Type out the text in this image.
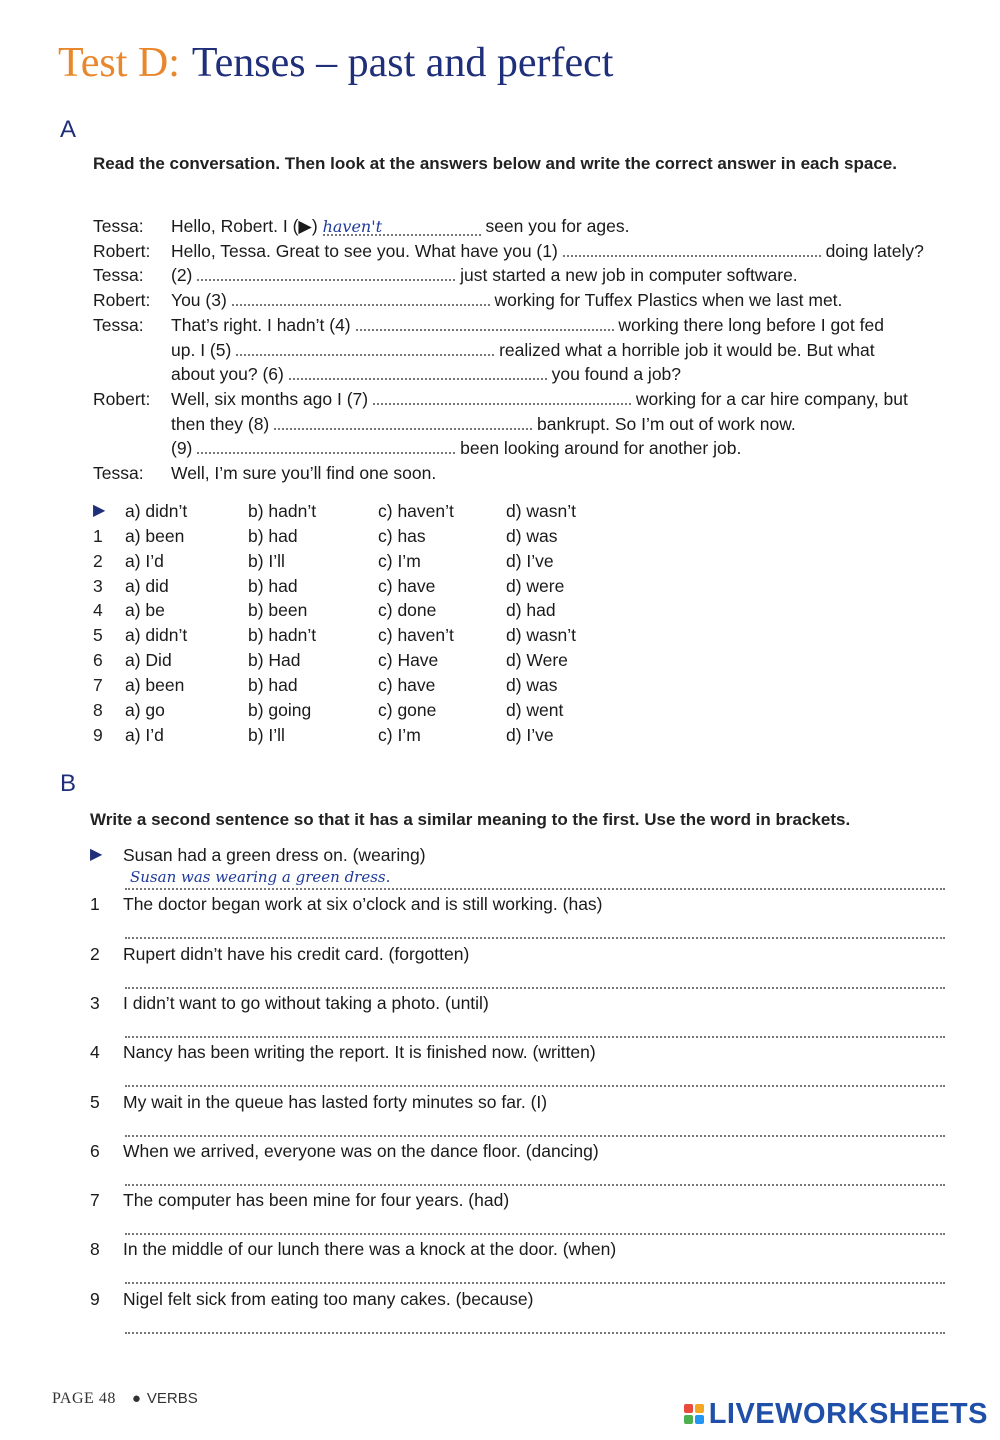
Test D: Tenses – past and perfect
A
Read the conversation. Then look at the answers below and write the correct answer in each space.
Tessa: Hello, Robert. I (▶) haven't	seen you for ages.
Robert: Hello, Tessa. Great to see you. What have you (1)	doing lately?
Tessa: (2)	just started a new job in computer software.
Robert: You (3)	working for Tuffex Plastics when we last met.
Tessa: That’s right. I hadn’t (4)	working there long before I got fed
up. I (5)	realized what a horrible job it would be. But what
about you? (6)	you found a job?
Robert: Well, six months ago I (7)	working for a car hire company, but
then they (8)	bankrupt. So I’m out of work now.
(9)	been looking around for another job.
Tessa: Well, I’m sure you’ll find one soon.
▶ a) didn’t	b) hadn’t	c) haven’t	d) wasn’t
1 a) been	b) had	c) has	d) was
2 a) I’d	b) I’ll	c) I’m	d) I’ve
3 a) did	b) had	c) have	d) were
4 a) be	b) been	c) done	d) had
5 a) didn’t	b) hadn’t	c) haven’t	d) wasn’t
6 a) Did	b) Had	c) Have	d) Were
7 a) been	b) had	c) have	d) was
8 a) go	b) going	c) gone	d) went
9 a) I’d	b) I’ll	c) I’m	d) I’ve
B
Write a second sentence so that it has a similar meaning to the first. Use the word in brackets.
▶ Susan had a green dress on. (wearing)
Susan was wearing a green dress.
1 The doctor began work at six o’clock and is still working. (has)
2 Rupert didn’t have his credit card. (forgotten)
3 I didn’t want to go without taking a photo. (until)
4 Nancy has been writing the report. It is finished now. (written)
5 My wait in the queue has lasted forty minutes so far. (I)
6 When we arrived, everyone was on the dance floor. (dancing)
7 The computer has been mine for four years. (had)
8 In the middle of our lunch there was a knock at the door. (when)
9 Nigel felt sick from eating too many cakes. (because)
PAGE 48 ● VERBS	LIVEWORKSHEETS
